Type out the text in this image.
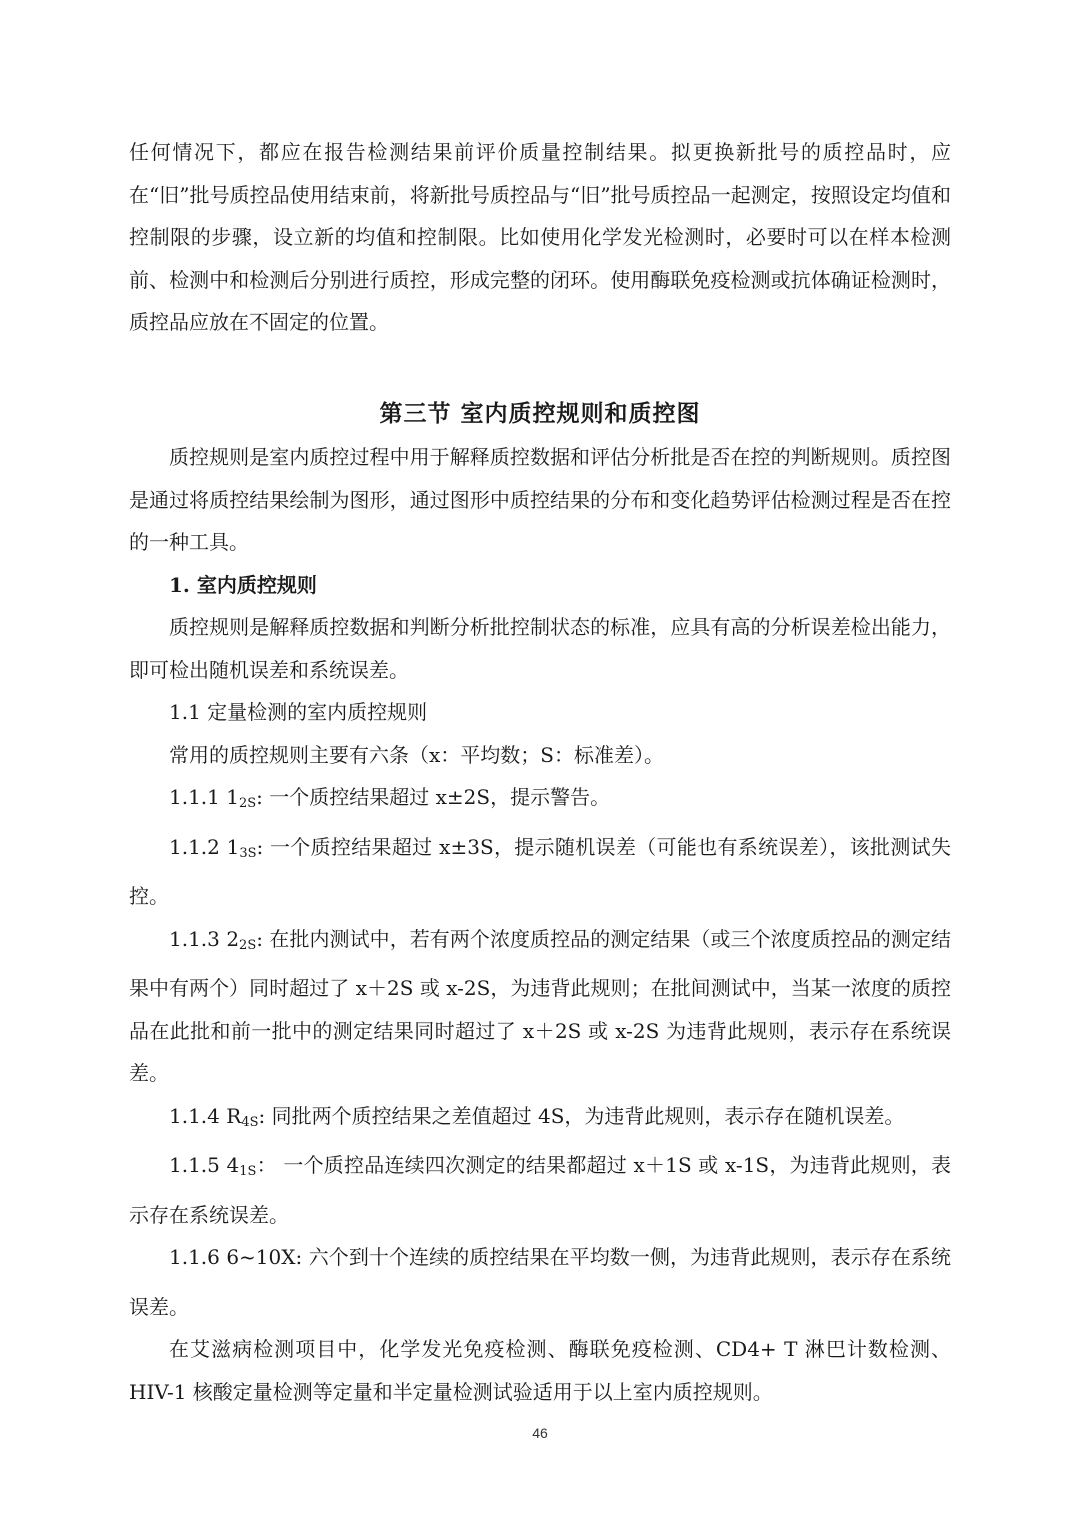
任何情况下，都应在报告检测结果前评价质量控制结果。拟更换新批号的质控品时，应在“旧”批号质控品使用结束前，将新批号质控品与“旧”批号质控品一起测定，按照设定均值和控制限的步骤，设立新的均值和控制限。比如使用化学发光检测时，必要时可以在样本检测前、检测中和检测后分别进行质控，形成完整的闭环。使用酶联免疫检测或抗体确证检测时，质控品应放在不固定的位置。

第三节 室内质控规则和质控图

质控规则是室内质控过程中用于解释质控数据和评估分析批是否在控的判断规则。质控图是通过将质控结果绘制为图形，通过图形中质控结果的分布和变化趋势评估检测过程是否在控的一种工具。

1. 室内质控规则

质控规则是解释质控数据和判断分析批控制状态的标准，应具有高的分析误差检出能力，即可检出随机误差和系统误差。

1.1 定量检测的室内质控规则

常用的质控规则主要有六条（x：平均数；S：标准差）。

1.1.1 $1_{2S}$: 一个质控结果超过 x±2S，提示警告。

1.1.2 $1_{3S}$: 一个质控结果超过 x±3S，提示随机误差（可能也有系统误差），该批测试失控。

1.1.3 $2_{2S}$: 在批内测试中，若有两个浓度质控品的测定结果（或三个浓度质控品的测定结果中有两个）同时超过了 x＋2S 或 x-2S，为违背此规则；在批间测试中，当某一浓度的质控品在此批和前一批中的测定结果同时超过了 x＋2S 或 x-2S 为违背此规则，表示存在系统误差。

1.1.4 $R_{4S}$: 同批两个质控结果之差值超过 4S，为违背此规则，表示存在随机误差。

1.1.5 $4_{1S}$： 一个质控品连续四次测定的结果都超过 x＋1S 或 x-1S，为违背此规则，表示存在系统误差。

1.1.6 6~10X: 六个到十个连续的质控结果在平均数一侧，为违背此规则，表示存在系统误差。

在艾滋病检测项目中，化学发光免疫检测、酶联免疫检测、CD4+ T 淋巴计数检测、HIV-1 核酸定量检测等定量和半定量检测试验适用于以上室内质控规则。

46
